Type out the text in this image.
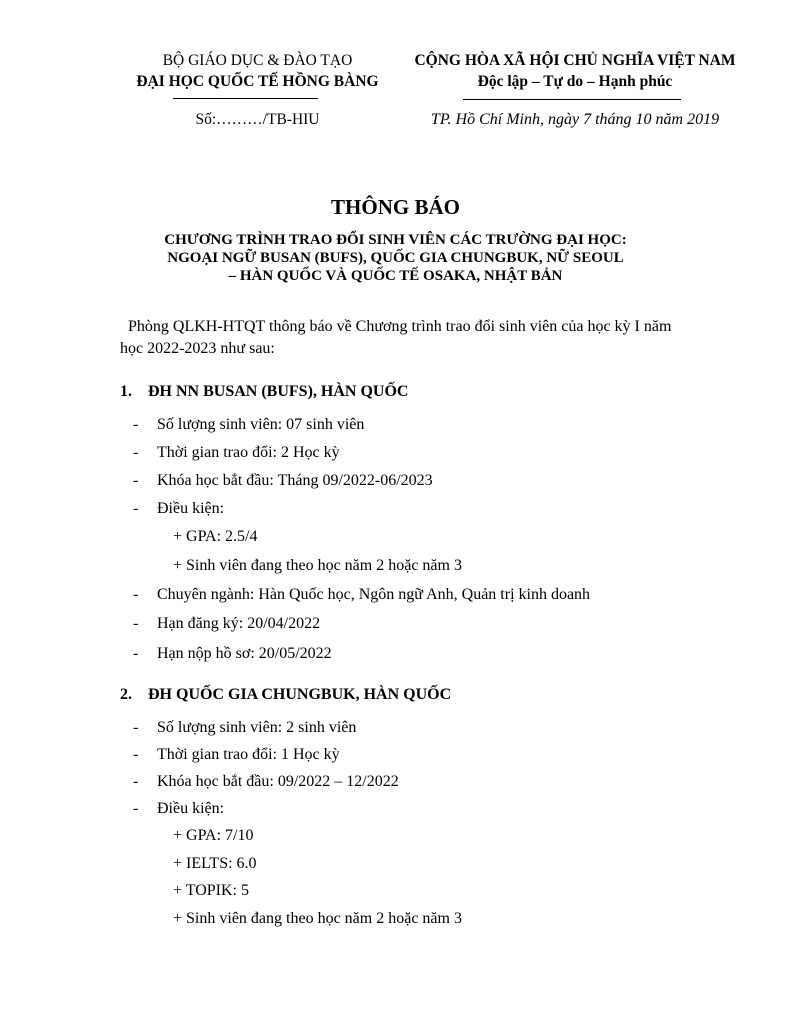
BỘ GIÁO DỤC & ĐÀO TẠO
ĐẠI HỌC QUỐC TẾ HỒNG BÀNG
CỘNG HÒA XÃ HỘI CHỦ NGHĨA VIỆT NAM
Độc lập – Tự do – Hạnh phúc
Số:………/TB-HIU	TP. Hồ Chí Minh, ngày 7 tháng 10 năm 2019
THÔNG BÁO
CHƯƠNG TRÌNH TRAO ĐỔI SINH VIÊN CÁC TRƯỜNG ĐẠI HỌC:
NGOẠI NGỮ BUSAN (BUFS), QUỐC GIA CHUNGBUK, NỮ SEOUL
– HÀN QUỐC VÀ QUỐC TẾ OSAKA, NHẬT BẢN
Phòng QLKH-HTQT thông báo về Chương trình trao đổi sinh viên của học kỳ I năm
học 2022-2023 như sau:
1. ĐH NN BUSAN (BUFS), HÀN QUỐC
- Số lượng sinh viên: 07 sinh viên
- Thời gian trao đổi: 2 Học kỳ
- Khóa học bắt đầu: Tháng 09/2022-06/2023
- Điều kiện:
+ GPA: 2.5/4
+ Sinh viên đang theo học năm 2 hoặc năm 3
- Chuyên ngành: Hàn Quốc học, Ngôn ngữ Anh, Quản trị kinh doanh
- Hạn đăng ký: 20/04/2022
- Hạn nộp hồ sơ: 20/05/2022
2. ĐH QUỐC GIA CHUNGBUK, HÀN QUỐC
- Số lượng sinh viên: 2 sinh viên
- Thời gian trao đổi: 1 Học kỳ
- Khóa học bắt đầu: 09/2022 – 12/2022
- Điều kiện:
+ GPA: 7/10
+ IELTS: 6.0
+ TOPIK: 5
+ Sinh viên đang theo học năm 2 hoặc năm 3
